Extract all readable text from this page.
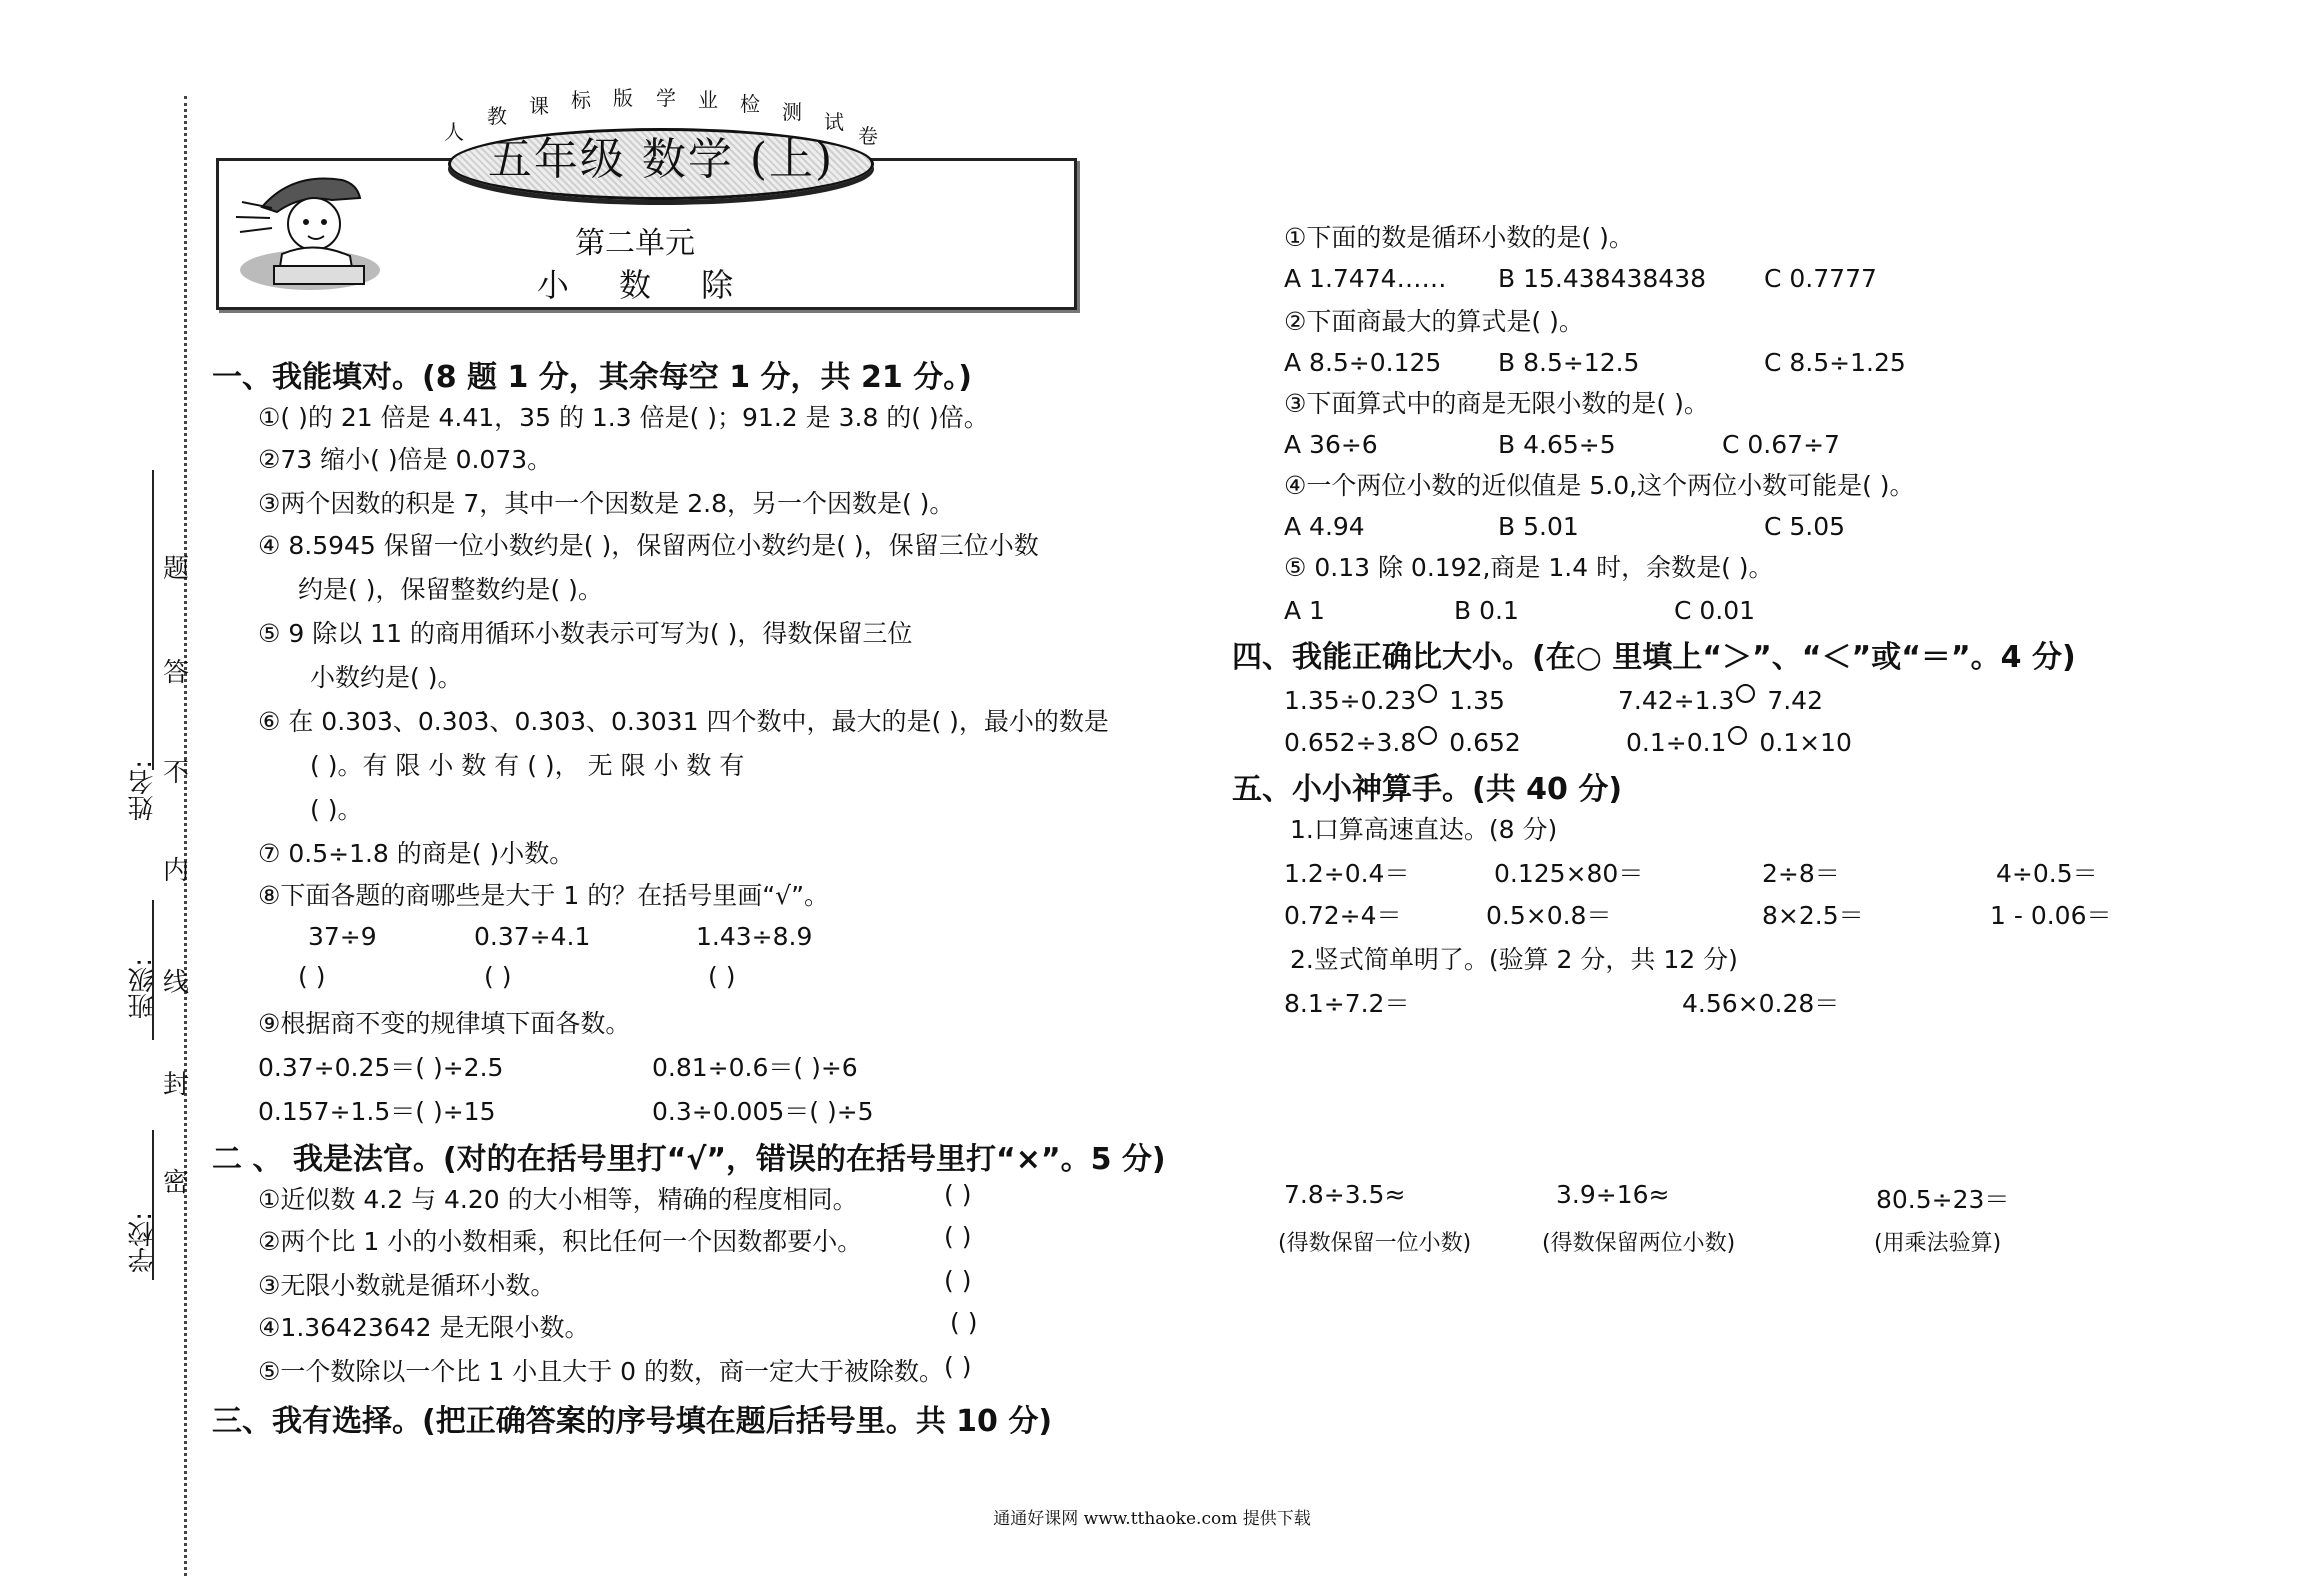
姓名:
班级:
学校:
密
封
线
内
不
答
题
人
教 课 标 版 学 业 检 测 试
卷
五年级 数学 (上)
第二单元
小 数 除
一、我能填对。(8 题 1 分，其余每空 1 分，共 21 分。)
①( )的 21 倍是 4.41，35 的 1.3 倍是( )；91.2 是 3.8 的( )倍。
②73 缩小( )倍是 0.073。
③两个因数的积是 7，其中一个因数是 2.8，另一个因数是( )。
④ 8.5945 保留一位小数约是( )，保留两位小数约是( )，保留三位小数
约是( )，保留整数约是( )。
⑤ 9 除以 11 的商用循环小数表示可写为( )，得数保留三位
小数约是( )。
⑥ 在 0.303̇、0.3̇03̇、0.3̇03̇、0.3031 四个数中，最大的是( )，最小的数是
( )。有 限 小 数 有 ( )， 无 限 小 数 有
( )。
⑦ 0.5÷1.8 的商是( )小数。
⑧下面各题的商哪些是大于 1 的？在括号里画“√”。
37÷9	0.37÷4.1	1.43÷8.9
( )	( )	( )
⑨根据商不变的规律填下面各数。
0.37÷0.25＝( )÷2.5	0.81÷0.6＝( )÷6
0.157÷1.5＝( )÷15	0.3÷0.005＝( )÷5
二 、 我是法官。(对的在括号里打“√”，错误的在括号里打“×”。5 分)
①近似数 4.2 与 4.20 的大小相等，精确的程度相同。	( )
②两个比 1 小的小数相乘，积比任何一个因数都要小。	( )
③无限小数就是循环小数。	( )
④1.36423642 是无限小数。	( )
⑤一个数除以一个比 1 小且大于 0 的数，商一定大于被除数。 ( )
三、我有选择。(把正确答案的序号填在题后括号里。共 10 分)
①下面的数是循环小数的是( )。
A 1.7474…… B 15.438438438 C 0.7777
②下面商最大的算式是( )。
A 8.5÷0.125 B 8.5÷12.5	C 8.5÷1.25
③下面算式中的商是无限小数的是( )。
A 36÷6	B 4.65÷5	C 0.67÷7
④一个两位小数的近似值是 5.0,这个两位小数可能是( )。
A 4.94	B 5.01	C 5.05
⑤ 0.13 除 0.192,商是 1.4 时，余数是( )。
A 1	B 0.1	C 0.01
四、我能正确比大小。(在○ 里填上“＞”、“＜”或“＝”。4 分)
1.35÷0.23 1.35	7.42÷1.3 7.42
0.652÷3.8 0.652	0.1÷0.1 0.1×10
五、小小神算手。(共 40 分)
1.口算高速直达。(8 分)
1.2÷0.4＝	0.125×80＝	2÷8＝	4÷0.5＝
0.72÷4＝	0.5×0.8＝	8×2.5＝	1 - 0.06＝
2.竖式简单明了。(验算 2 分，共 12 分)
8.1÷7.2＝	4.56×0.28＝
7.8÷3.5≈	3.9÷16≈	80.5÷23＝
(得数保留一位小数)	(得数保留两位小数)	(用乘法验算)
通通好课网 www.tthaoke.com 提供下载
